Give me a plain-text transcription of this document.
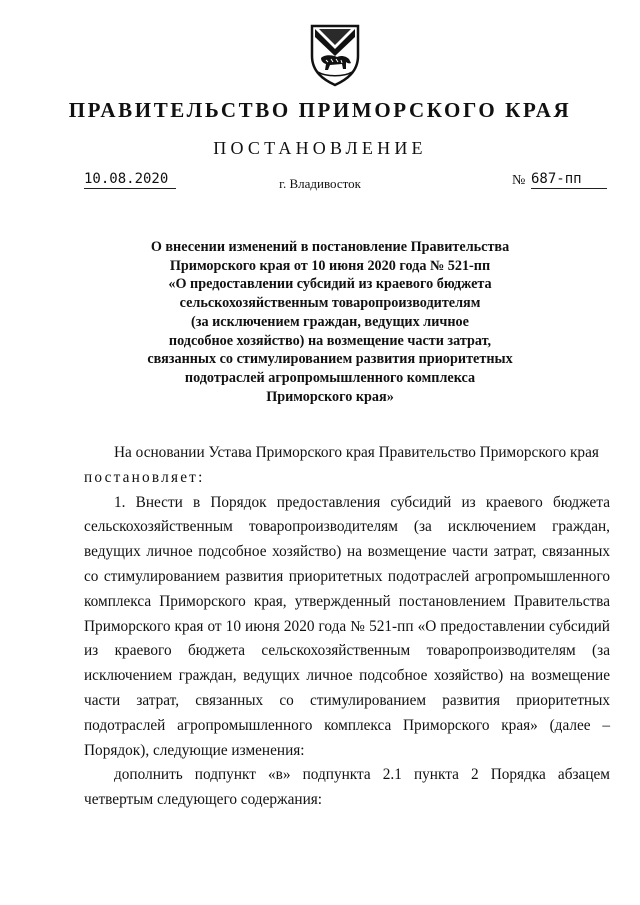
ПРАВИТЕЛЬСТВО ПРИМОРСКОГО КРАЯ
ПОСТАНОВЛЕНИЕ
10.08.2020	г. Владивосток	№ 687-пп
О внесении изменений в постановление Правительства
Приморского края от 10 июня 2020 года № 521-пп
«О предоставлении субсидий из краевого бюджета
сельскохозяйственным товаропроизводителям
(за исключением граждан, ведущих личное
подсобное хозяйство) на возмещение части затрат,
связанных со стимулированием развития приоритетных
подотраслей агропромышленного комплекса
Приморского края»

На основании Устава Приморского края Правительство Приморского края

постановляет:

1. Внести в Порядок предоставления субсидий из краевого бюджета сельскохозяйственным товаропроизводителям (за исключением граждан, ведущих личное подсобное хозяйство) на возмещение части затрат, связанных со стимулированием развития приоритетных подотраслей агропромышленного комплекса Приморского края, утвержденный постановлением Правительства Приморского края от 10 июня 2020 года № 521-пп «О предоставлении субсидий из краевого бюджета сельскохозяйственным товаропроизводителям (за исключением граждан, ведущих личное подсобное хозяйство) на возмещение части затрат, связанных со стимулированием развития приоритетных подотраслей агропромышленного комплекса Приморского края» (далее – Порядок), следующие изменения:

дополнить подпункт «в» подпункта 2.1 пункта 2 Порядка абзацем четвертым следующего содержания:
